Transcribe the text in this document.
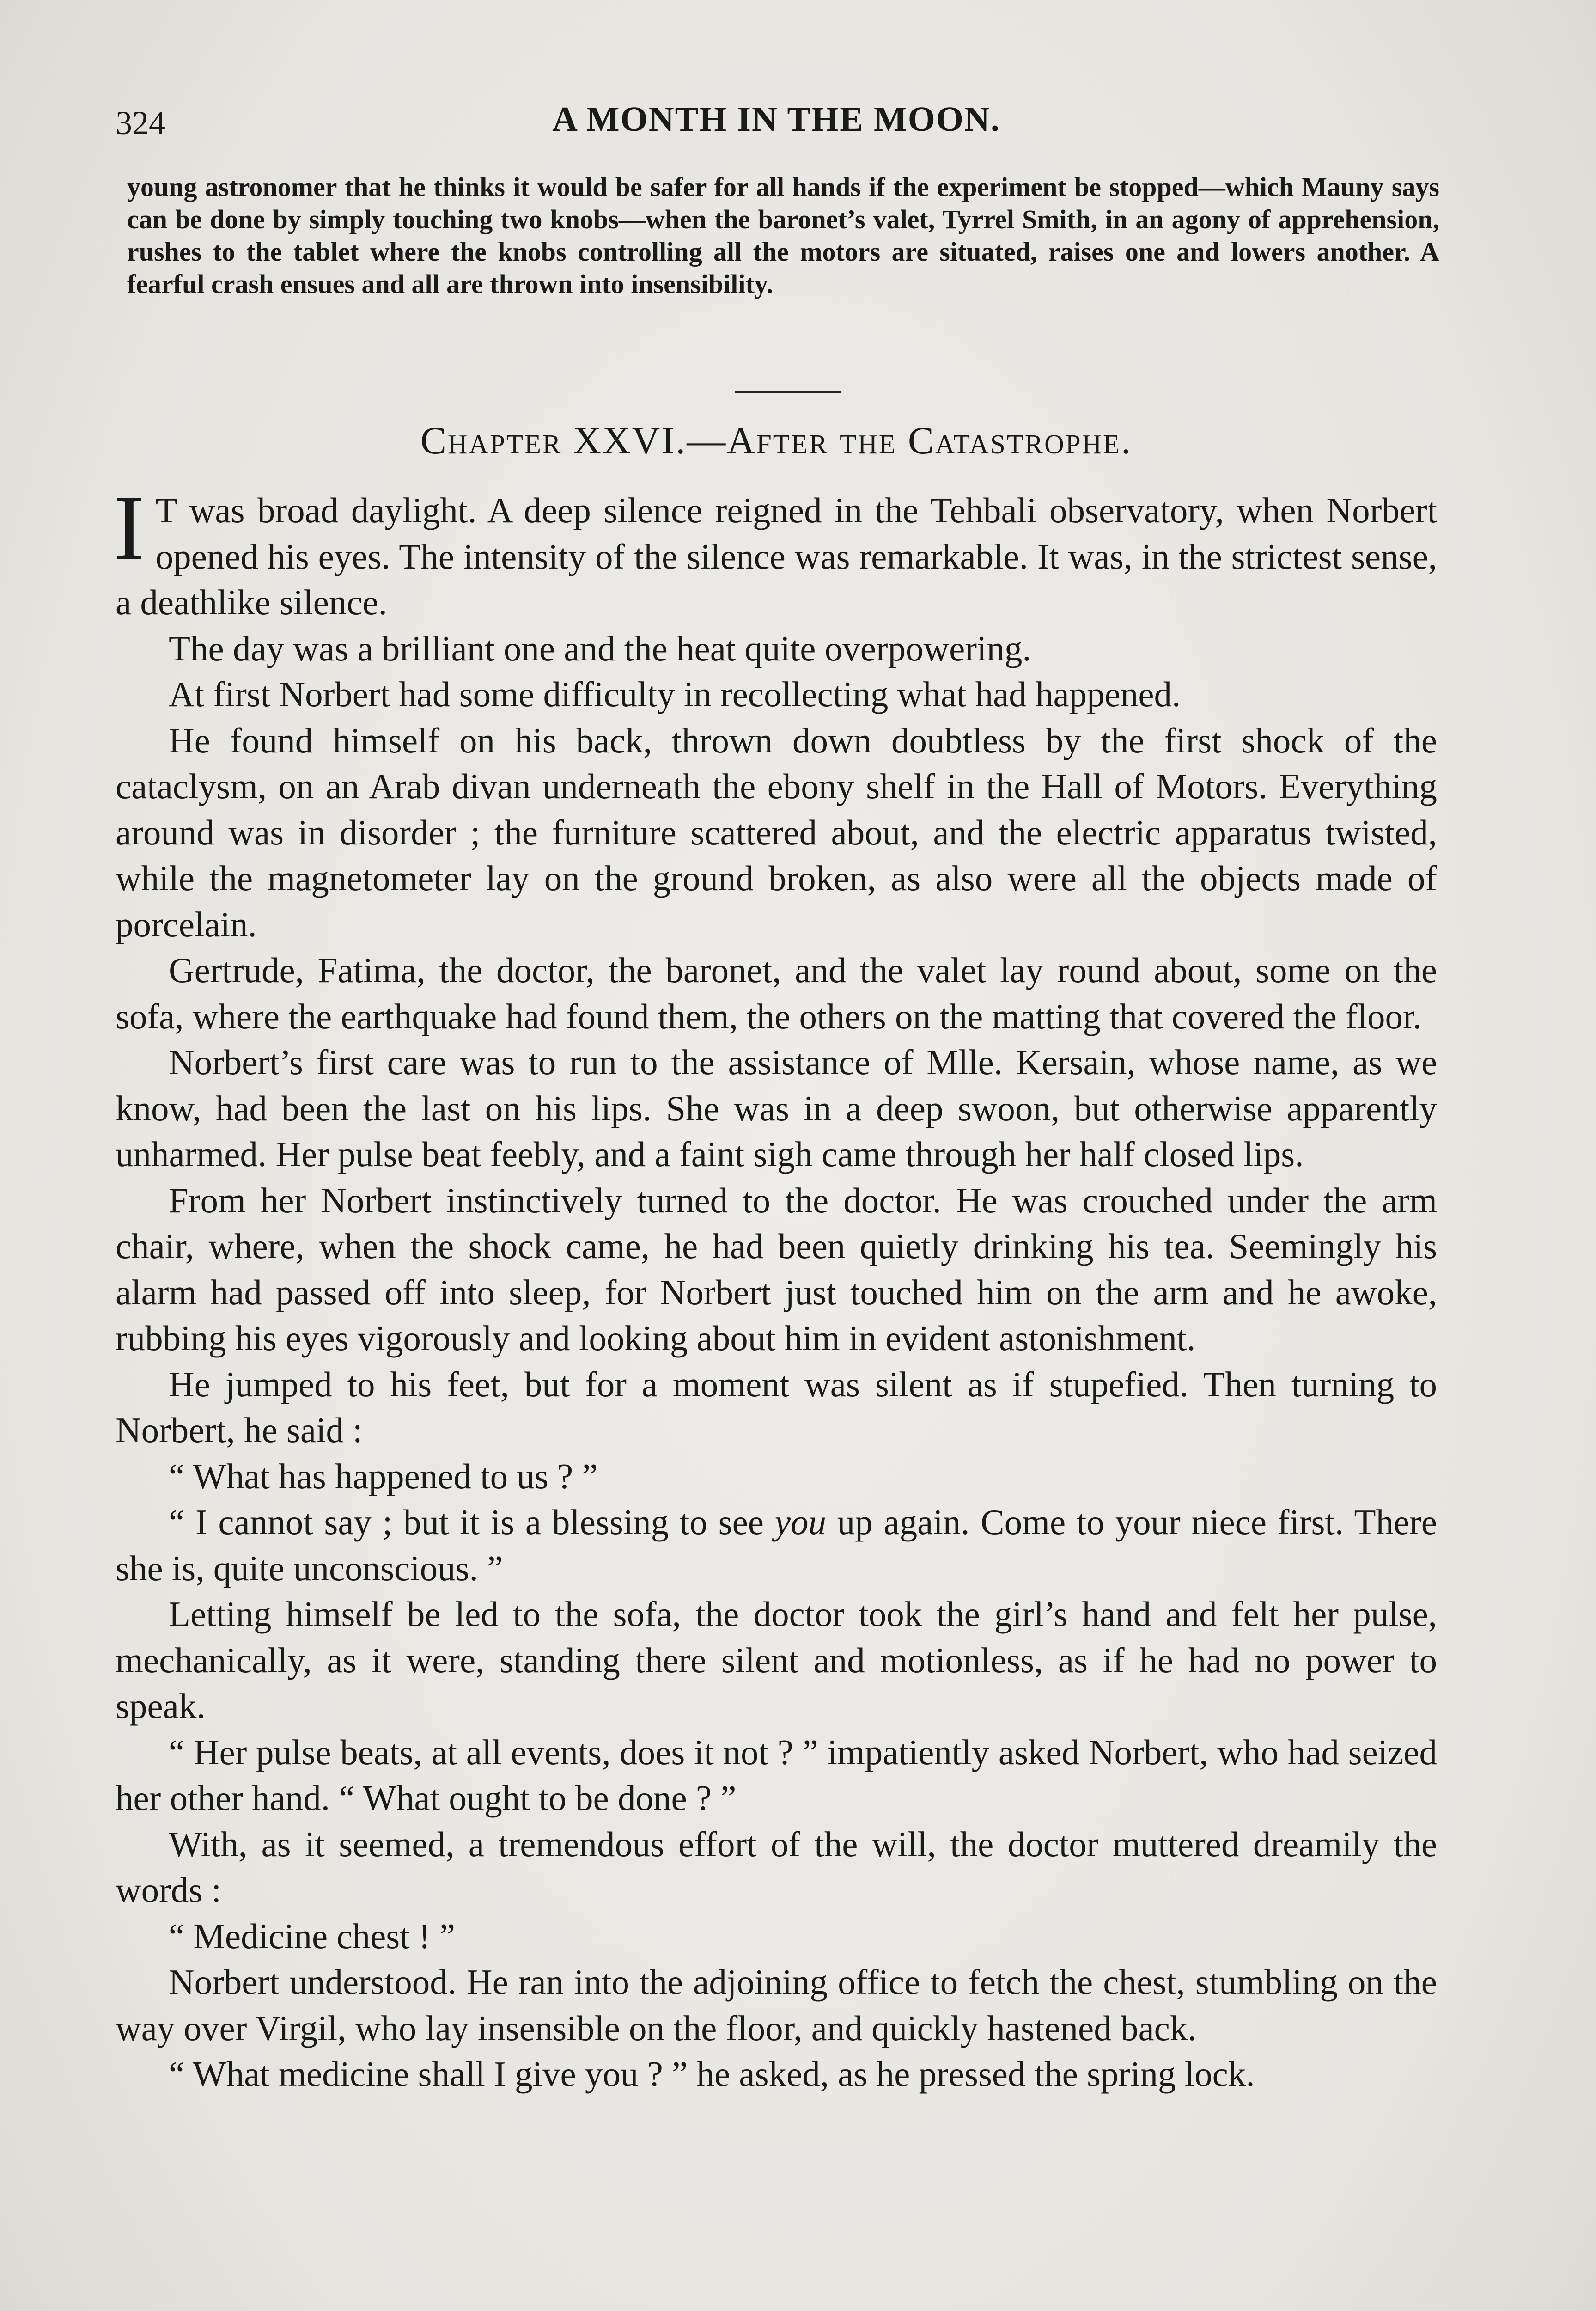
324	A MONTH IN THE MOON.
young astronomer that he thinks it would be safer for all hands if the experiment be stopped—which Mauny says can be done by simply touching two knobs—when the baronet’s valet, Tyrrel Smith, in an agony of apprehension, rushes to the tablet where the knobs controlling all the motors are situated, raises one and lowers another. A fearful crash ensues and all are thrown into insensibility.
Chapter XXVI.—After the Catastrophe.

I T was broad daylight. A deep silence reigned in the Tehbali observatory, when Norbert opened his eyes. The intensity of the silence was remarkable. It was, in the strictest sense, a deathlike silence.

The day was a brilliant one and the heat quite overpowering.

At first Norbert had some difficulty in recollecting what had happened.

He found himself on his back, thrown down doubtless by the first shock of the cataclysm, on an Arab divan underneath the ebony shelf in the Hall of Motors. Everything around was in disorder ; the furniture scattered about, and the electric apparatus twisted, while the magnetometer lay on the ground broken, as also were all the objects made of porcelain.

Gertrude, Fatima, the doctor, the baronet, and the valet lay round about, some on the sofa, where the earthquake had found them, the others on the matting that covered the floor.

Norbert’s first care was to run to the assistance of Mlle. Kersain, whose name, as we know, had been the last on his lips. She was in a deep swoon, but otherwise apparently unharmed. Her pulse beat feebly, and a faint sigh came through her half closed lips.

From her Norbert instinctively turned to the doctor. He was crouched under the arm chair, where, when the shock came, he had been quietly drinking his tea. Seemingly his alarm had passed off into sleep, for Norbert just touched him on the arm and he awoke, rubbing his eyes vigorously and looking about him in evident astonishment.

He jumped to his feet, but for a moment was silent as if stupefied. Then turning to Norbert, he said :

“ What has happened to us ? ”

“ I cannot say ; but it is a blessing to see you up again. Come to your niece first. There she is, quite unconscious. ”

Letting himself be led to the sofa, the doctor took the girl’s hand and felt her pulse, mechanically, as it were, standing there silent and motionless, as if he had no power to speak.

“ Her pulse beats, at all events, does it not ? ” impatiently asked Norbert, who had seized her other hand. “ What ought to be done ? ”

With, as it seemed, a tremendous effort of the will, the doctor muttered dreamily the words :

“ Medicine chest ! ”

Norbert understood. He ran into the adjoining office to fetch the chest, stumbling on the way over Virgil, who lay insensible on the floor, and quickly hastened back.

“ What medicine shall I give you ? ” he asked, as he pressed the spring lock.
